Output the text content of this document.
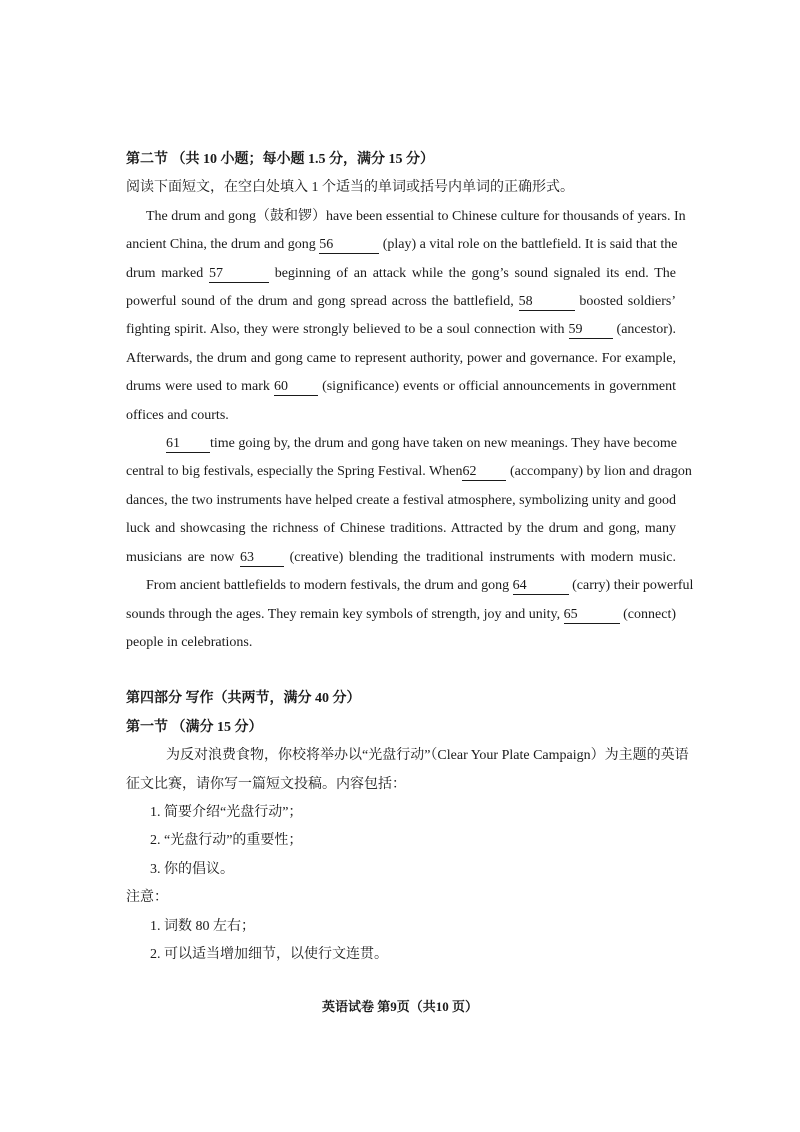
第二节 （共 10 小题；每小题 1.5 分，满分 15 分）
阅读下面短文，在空白处填入 1 个适当的单词或括号内单词的正确形式。
The drum and gong（鼓和锣）have been essential to Chinese culture for thousands of years. In
ancient China, the drum and gong 56	(play) a vital role on the battlefield. It is said that the
drum marked 57	beginning of an attack while the gong’s sound signaled its end. The
powerful sound of the drum and gong spread across the battlefield, 58	boosted soldiers’
fighting spirit. Also, they were strongly believed to be a soul connection with 59 (ancestor).
Afterwards, the drum and gong came to represent authority, power and governance. For example,
drums were used to mark 60 (significance) events or official announcements in government
offices and courts.
61 time going by, the drum and gong have taken on new meanings. They have become
central to big festivals, especially the Spring Festival. When62 (accompany) by lion and dragon
dances, the two instruments have helped create a festival atmosphere, symbolizing unity and good
luck and showcasing the richness of Chinese traditions. Attracted by the drum and gong, many
musicians are now 63	(creative) blending the traditional instruments with modern music.
From ancient battlefields to modern festivals, the drum and gong 64	(carry) their powerful
sounds through the ages. They remain key symbols of strength, joy and unity, 65	(connect)
people in celebrations.
第四部分 写作（共两节，满分 40 分）
第一节 （满分 15 分）
为反对浪费食物，你校将举办以“光盘行动”（Clear Your Plate Campaign）为主题的英语
征文比赛，请你写一篇短文投稿。内容包括：
1. 简要介绍“光盘行动”；
2. “光盘行动”的重要性；
3. 你的倡议。
注意：
1. 词数 80 左右；
2. 可以适当增加细节，以使行文连贯。
英语试卷 第9页（共10 页）
